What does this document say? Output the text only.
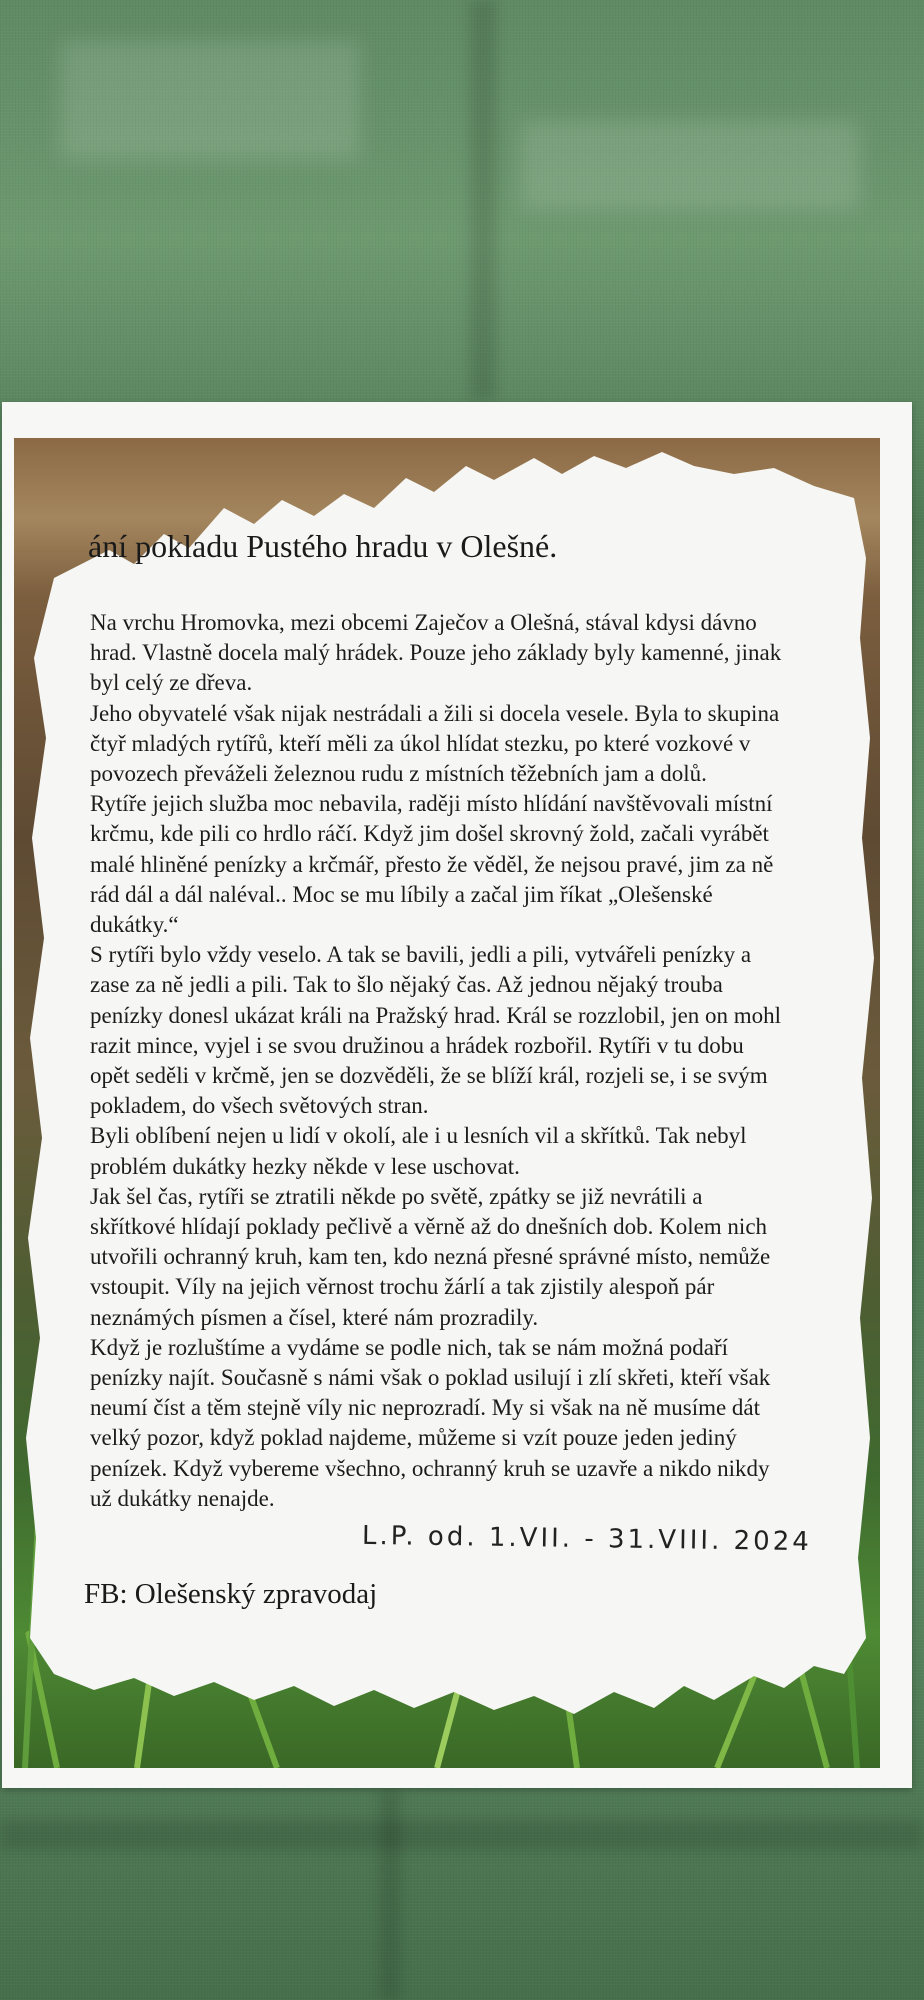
ání pokladu Pustého hradu v Olešné.
Na vrchu Hromovka, mezi obcemi Zaječov a Olešná, stával kdysi dávno
hrad. Vlastně docela malý hrádek. Pouze jeho základy byly kamenné, jinak
byl celý ze dřeva.
Jeho obyvatelé však nijak nestrádali a žili si docela vesele. Byla to skupina
čtyř mladých rytířů, kteří měli za úkol hlídat stezku, po které vozkové v
povozech převáželi železnou rudu z místních těžebních jam a dolů.
Rytíře jejich služba moc nebavila, raději místo hlídání navštěvovali místní
krčmu, kde pili co hrdlo ráčí. Když jim došel skrovný žold, začali vyrábět
malé hliněné penízky a krčmář, přesto že věděl, že nejsou pravé, jim za ně
rád dál a dál naléval.. Moc se mu líbily a začal jim říkat „Olešenské
dukátky.“
S rytíři bylo vždy veselo. A tak se bavili, jedli a pili, vytvářeli penízky a
zase za ně jedli a pili. Tak to šlo nějaký čas. Až jednou nějaký trouba
penízky donesl ukázat králi na Pražský hrad. Král se rozzlobil, jen on mohl
razit mince, vyjel i se svou družinou a hrádek rozbořil. Rytíři v tu dobu
opět seděli v krčmě, jen se dozvěděli, že se blíží král, rozjeli se, i se svým
pokladem, do všech světových stran.
Byli oblíbení nejen u lidí v okolí, ale i u lesních vil a skřítků. Tak nebyl
problém dukátky hezky někde v lese uschovat.
Jak šel čas, rytíři se ztratili někde po světě, zpátky se již nevrátili a
skřítkové hlídají poklady pečlivě a věrně až do dnešních dob. Kolem nich
utvořili ochranný kruh, kam ten, kdo nezná přesné správné místo, nemůže
vstoupit. Víly na jejich věrnost trochu žárlí a tak zjistily alespoň pár
neznámých písmen a čísel, které nám prozradily.
Když je rozluštíme a vydáme se podle nich, tak se nám možná podaří
penízky najít. Současně s námi však o poklad usilují i zlí skřeti, kteří však
neumí číst a těm stejně víly nic neprozradí. My si však na ně musíme dát
velký pozor, když poklad najdeme, můžeme si vzít pouze jeden jediný
penízek. Když vybereme všechno, ochranný kruh se uzavře a nikdo nikdy
už dukátky nenajde.
L.P. od. 1.VII. - 31.VIII. 2024
FB: Olešenský zpravodaj
